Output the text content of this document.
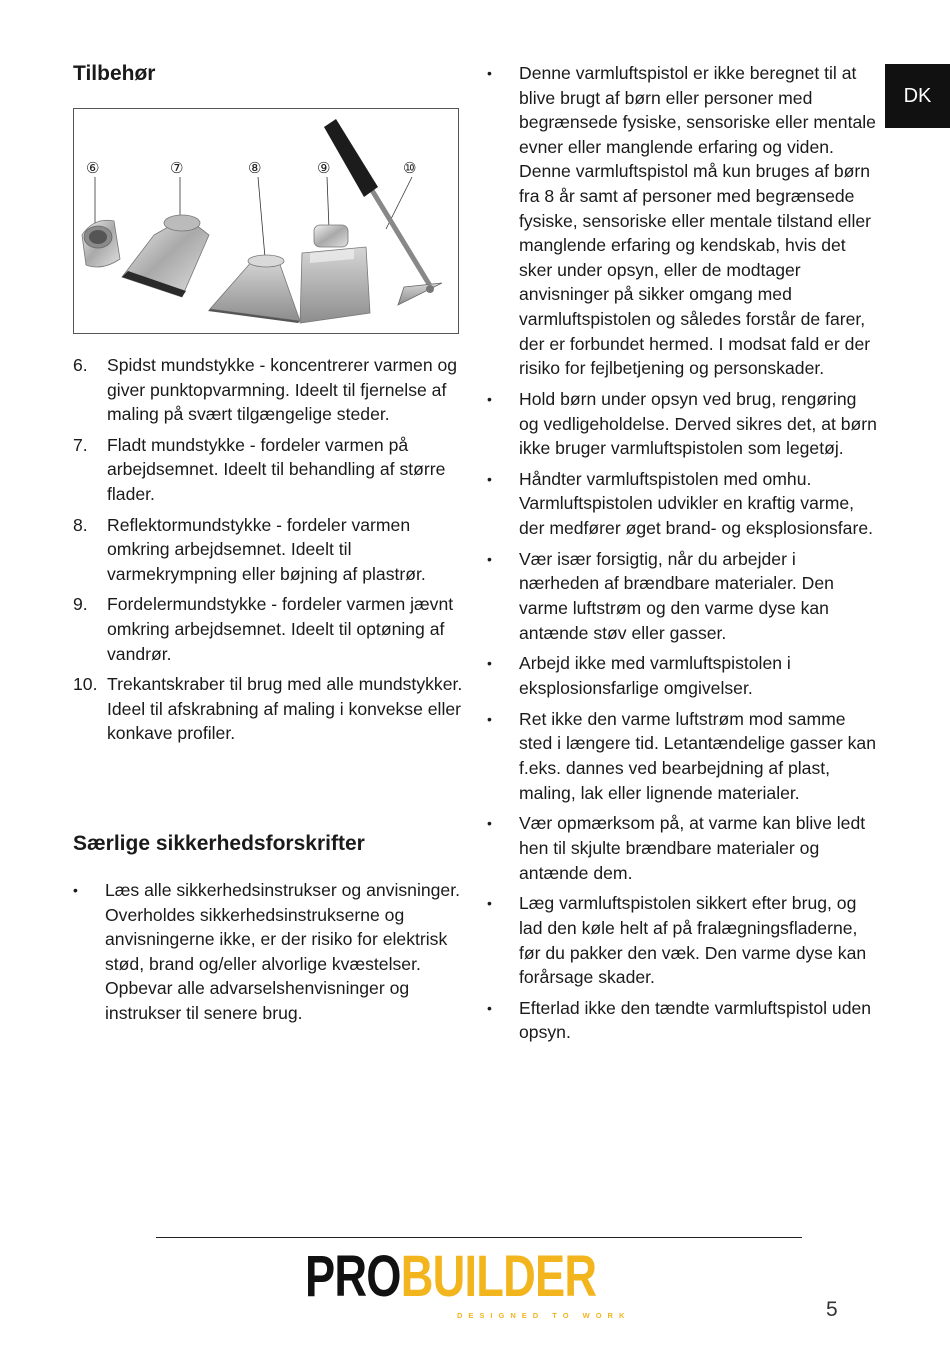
Tilbehør
⑥	⑦	⑧	⑨	⑩
6. Spidst mundstykke - koncentrerer varmen og giver punktopvarmning. Ideelt til fjernelse af maling på svært tilgængelige steder.
7. Fladt mundstykke - fordeler varmen på arbejdsemnet. Ideelt til behandling af større flader.
8. Reflektormundstykke - fordeler varmen omkring arbejdsemnet. Ideelt til varmekrympning eller bøjning af plastrør.
9. Fordelermundstykke - fordeler varmen jævnt omkring arbejdsemnet. Ideelt til optøning af vandrør.
10. Trekantskraber til brug med alle mundstykker. Ideel til afskrabning af maling i konvekse eller konkave profiler.
Særlige sikkerhedsforskrifter
• Læs alle sikkerhedsinstrukser og anvisninger. Overholdes sikkerhedsinstrukserne og anvisningerne ikke, er der risiko for elektrisk stød, brand og/eller alvorlige kvæstelser. Opbevar alle advarselshenvisninger og instrukser til senere brug.
• Denne varmluftspistol er ikke beregnet til at blive brugt af børn eller personer med begrænsede fysiske, sensoriske eller mentale evner eller manglende erfaring og viden. Denne varmluftspistol må kun bruges af børn fra 8 år samt af personer med begrænsede fysiske, sensoriske eller mentale tilstand eller manglende erfaring og kendskab, hvis det sker under opsyn, eller de modtager anvisninger på sikker omgang med varmluftspistolen og således forstår de farer, der er forbundet hermed. I modsat fald er der risiko for fejlbetjening og personskader.
• Hold børn under opsyn ved brug, rengøring og vedligeholdelse. Derved sikres det, at børn ikke bruger varmluftspistolen som legetøj.
• Håndter varmluftspistolen med omhu. Varmluftspistolen udvikler en kraftig varme, der medfører øget brand- og eksplosionsfare.
• Vær især forsigtig, når du arbejder i nærheden af brændbare materialer. Den varme luftstrøm og den varme dyse kan antænde støv eller gasser.
• Arbejd ikke med varmluftspistolen i eksplosionsfarlige omgivelser.
• Ret ikke den varme luftstrøm mod samme sted i længere tid. Letantændelige gasser kan f.eks. dannes ved bearbejdning af plast, maling, lak eller lignende materialer.
• Vær opmærksom på, at varme kan blive ledt hen til skjulte brændbare materialer og antænde dem.
• Læg varmluftspistolen sikkert efter brug, og lad den køle helt af på fralægningsfladerne, før du pakker den væk. Den varme dyse kan forårsage skader.
• Efterlad ikke den tændte varmluftspistol uden opsyn.
DK
PROBUILDER
DESIGNED TO WORK	5
